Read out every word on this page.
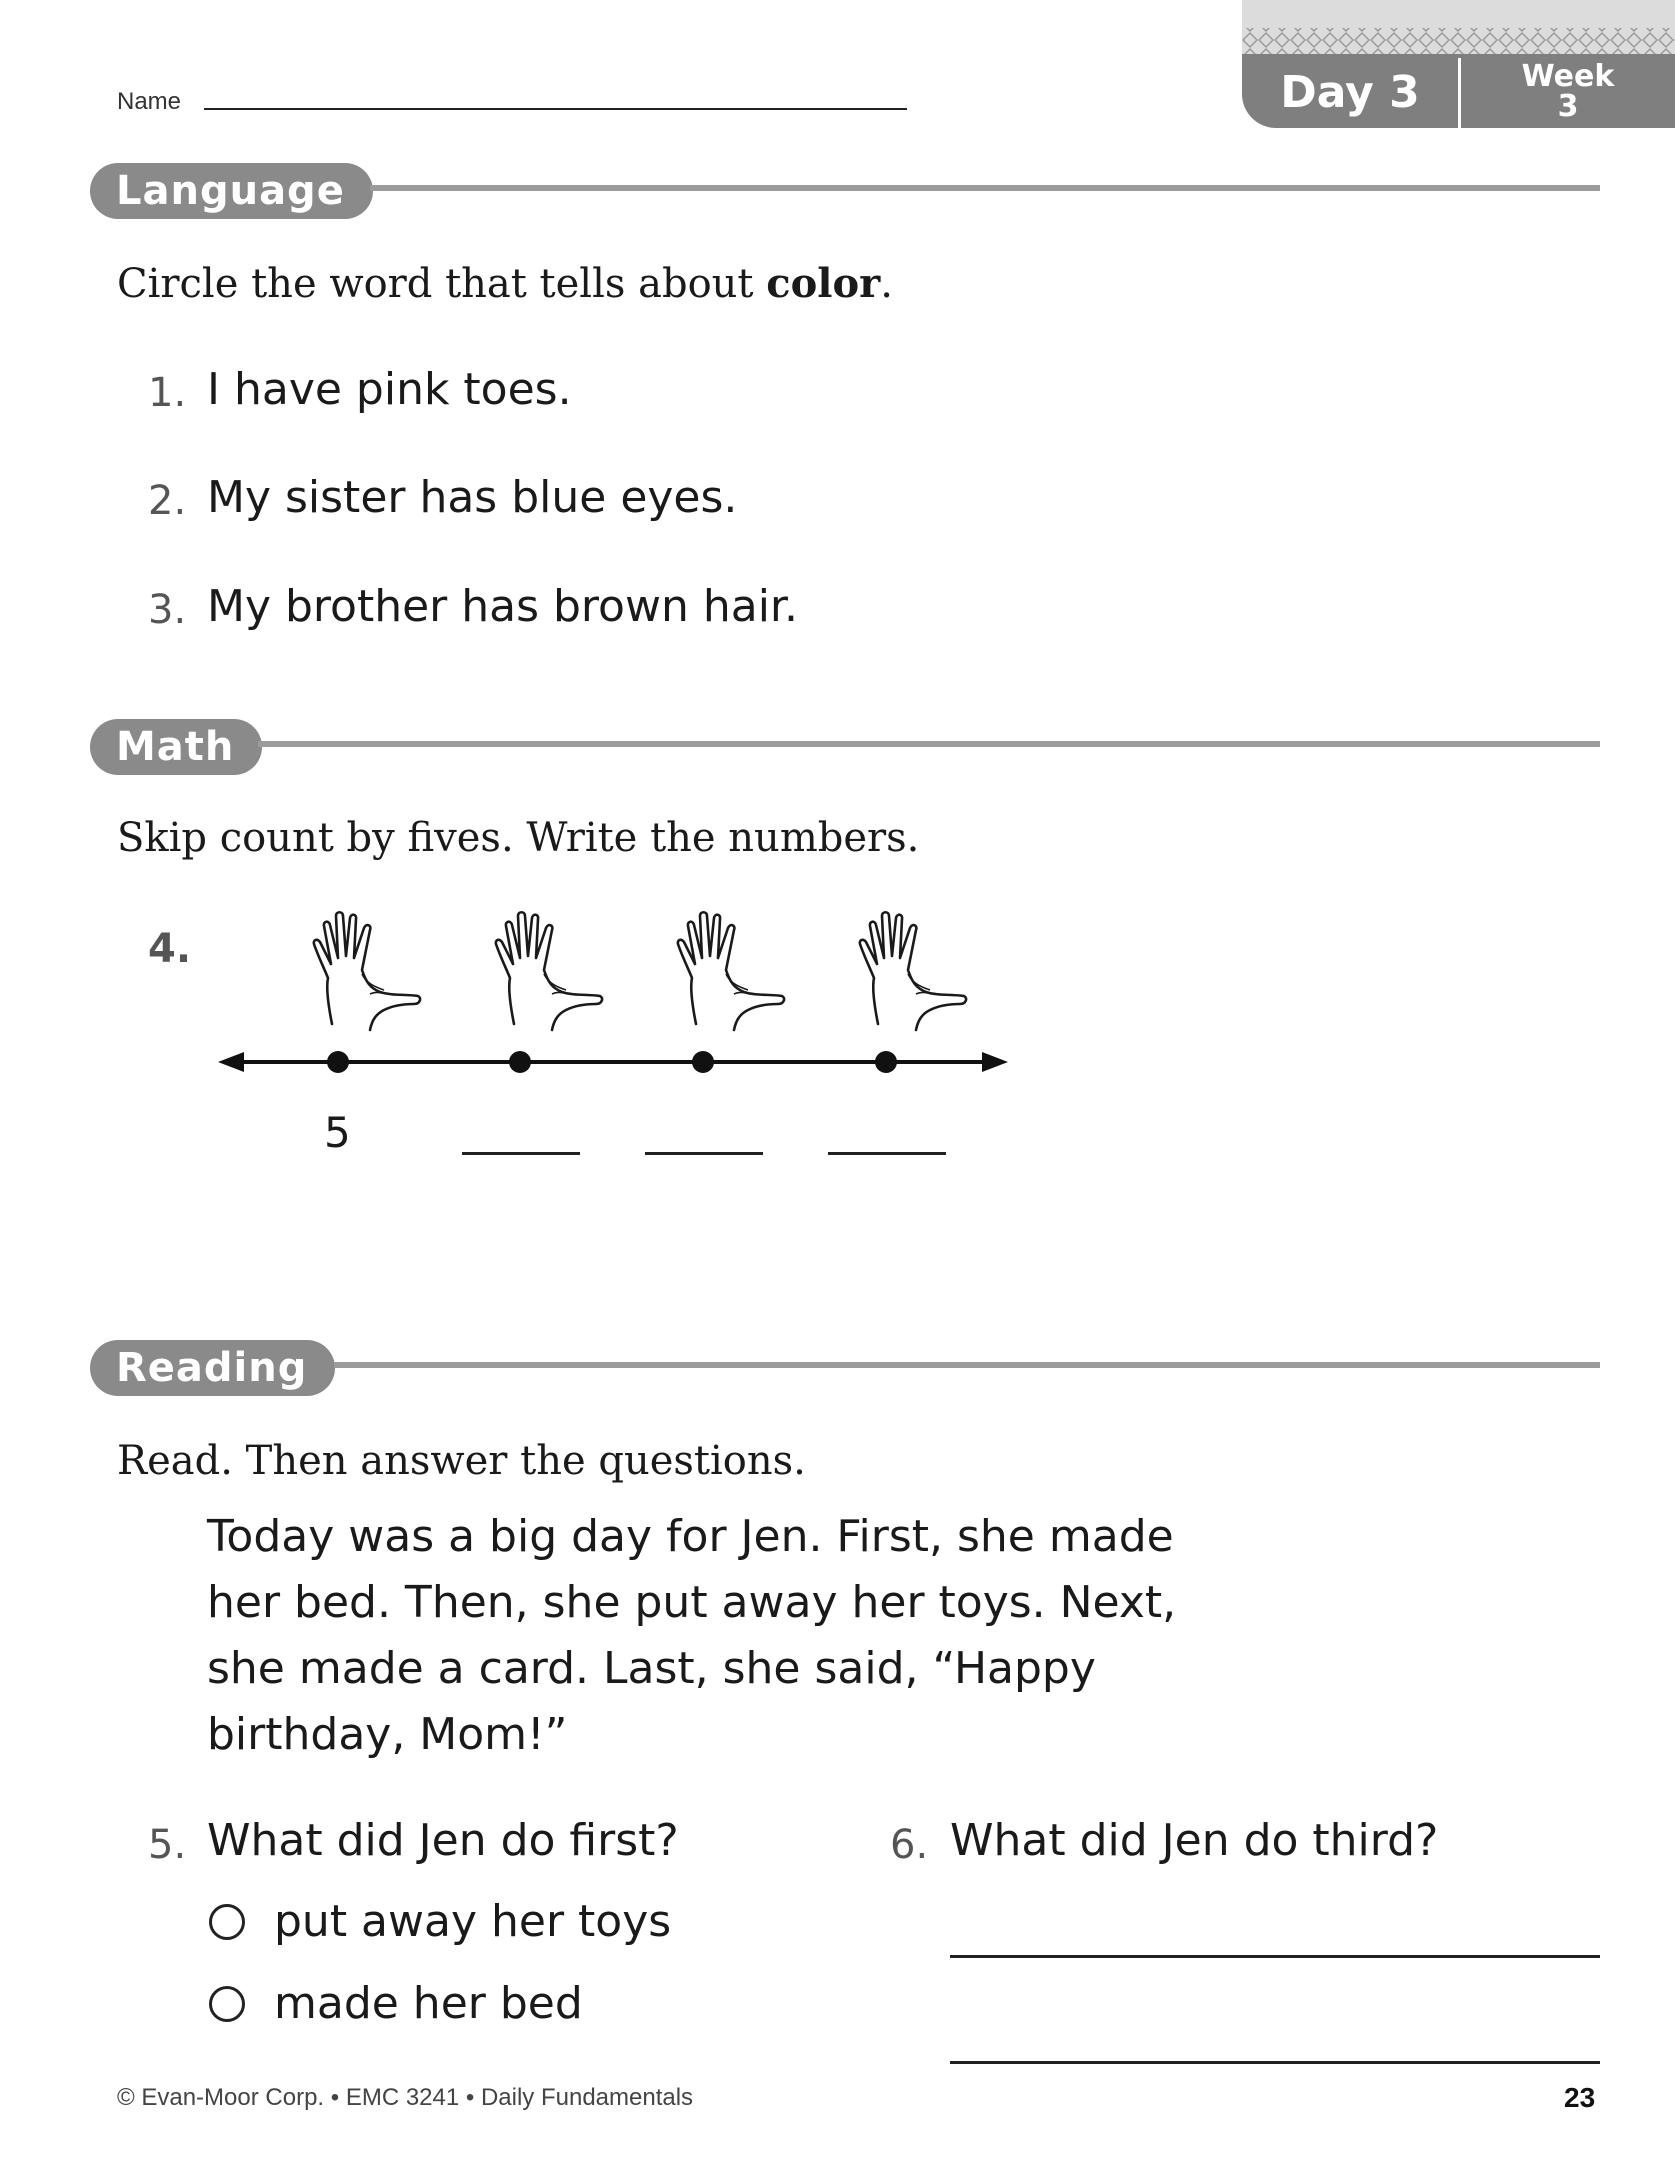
Name	Day 3	Week
3
Language
Circle the word that tells about color.
1. I have pink toes.
2. My sister has blue eyes.
3. My brother has brown hair.
Math
Skip count by fives. Write the numbers.
4.
5
Reading
Read. Then answer the questions.
Today was a big day for Jen. First, she made
her bed. Then, she put away her toys. Next,
she made a card. Last, she said, “Happy
birthday, Mom!”
5. What did Jen do first?
put away her toys
made her bed
6. What did Jen do third?
© Evan-Moor Corp. • EMC 3241 • Daily Fundamentals	23
